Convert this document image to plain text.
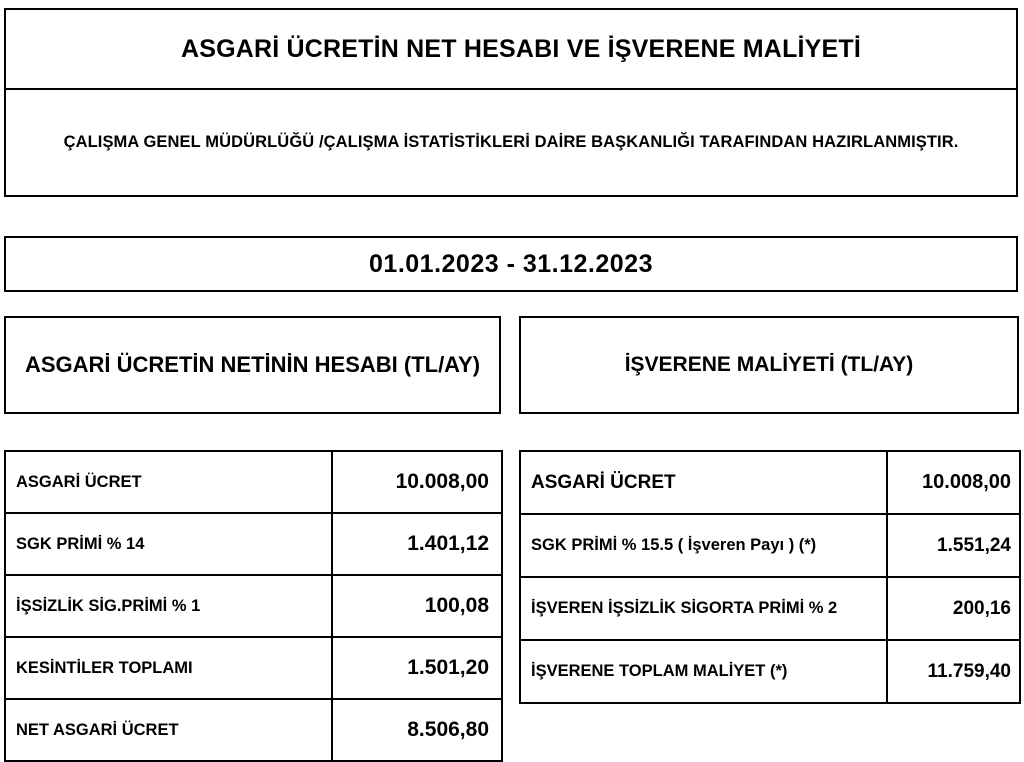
ASGARİ ÜCRETİN NET HESABI VE İŞVERENE MALİYETİ
ÇALIŞMA GENEL MÜDÜRLÜĞÜ /ÇALIŞMA İSTATİSTİKLERİ DAİRE BAŞKANLIĞI TARAFINDAN HAZIRLANMIŞTIR.
01.01.2023 - 31.12.2023
ASGARİ ÜCRETİN NETİNİN HESABI (TL/AY)	İŞVERENE MALİYETİ (TL/AY)
ASGARİ ÜCRET	10.008,00
SGK PRİMİ % 14	1.401,12
İŞSİZLİK SİG.PRİMİ % 1	100,08
KESİNTİLER TOPLAMI	1.501,20
NET ASGARİ ÜCRET	8.506,80
ASGARİ ÜCRET	10.008,00
SGK PRİMİ % 15.5 ( İşveren Payı ) (*)	1.551,24
İŞVEREN İŞSİZLİK SİGORTA PRİMİ % 2	200,16
İŞVERENE TOPLAM MALİYET (*)	11.759,40
